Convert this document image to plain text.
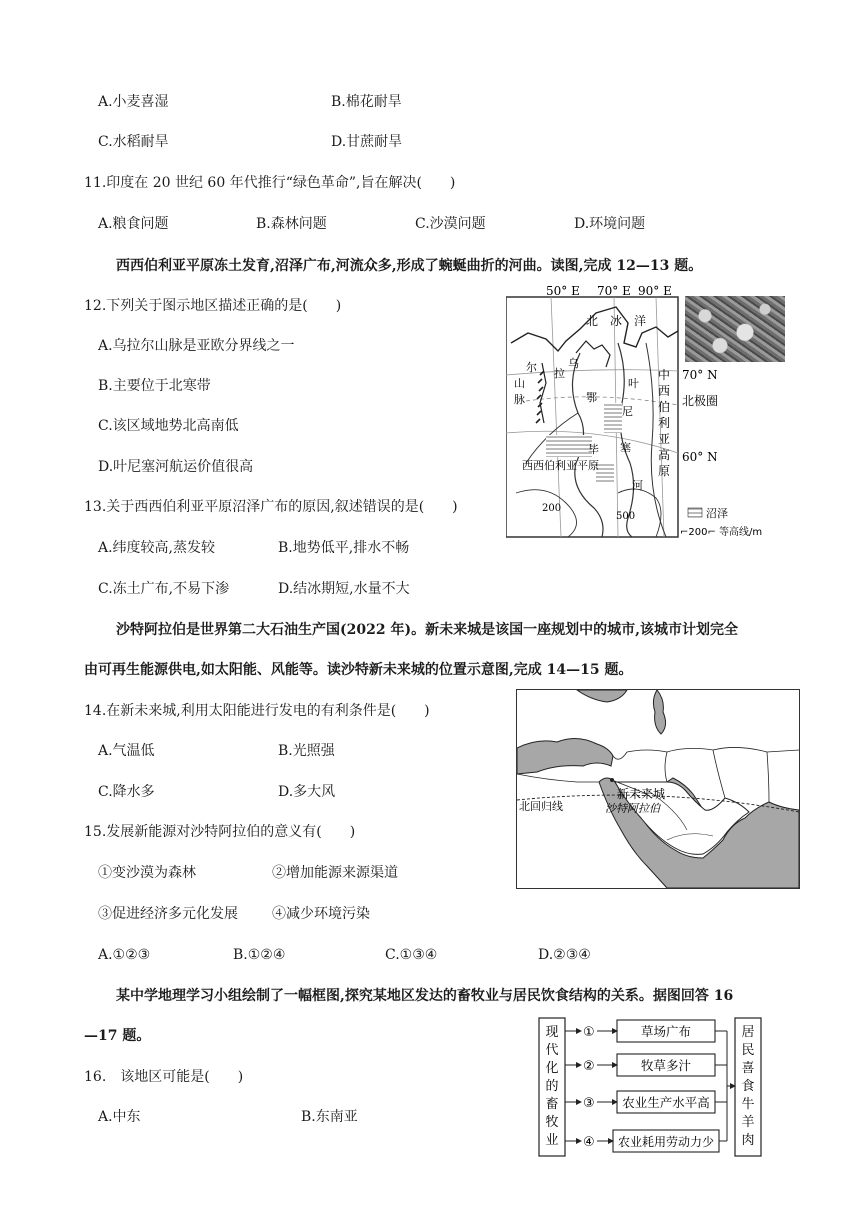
A.小麦喜湿	B.棉花耐旱
C.水稻耐旱	D.甘蔗耐旱
11.印度在 20 世纪 60 年代推行“绿色革命”,旨在解决(　　)
A.粮食问题	B.森林问题	C.沙漠问题	D.环境问题
西西伯利亚平原冻土发育,沼泽广布,河流众多,形成了蜿蜒曲折的河曲。读图,完成 12—13 题。
12.下列关于图示地区描述正确的是(　　)
A.乌拉尔山脉是亚欧分界线之一
B.主要位于北寒带
C.该区域地势北高南低
D.叶尼塞河航运价值很高
13.关于西西伯利亚平原沼泽广布的原因,叙述错误的是(　　)
A.纬度较高,蒸发较	B.地势低平,排水不畅
C.冻土广布,不易下渗	D.结冰期短,水量不大
50° E 70° E 90° E
北　冰　洋
乌
拉
尔
山
脉	鄂
毕
叶
尼
塞
中
西
伯
利
亚
高
原
70° N
北极圈
60° N
西西伯利亚平原
河
200
500	沼泽
⌐200⌐ 等高线/m
沙特阿拉伯是世界第二大石油生产国(2022 年)。新未来城是该国一座规划中的城市,该城市计划完全
由可再生能源供电,如太阳能、风能等。读沙特新未来城的位置示意图,完成 14—15 题。
14.在新未来城,利用太阳能进行发电的有利条件是(　　)
A.气温低	B.光照强
C.降水多	D.多大风
15.发展新能源对沙特阿拉伯的意义有(　　)
①变沙漠为森林	②增加能源来源渠道
③促进经济多元化发展 ④减少环境污染
A.①②③	B.①②④	C.①③④	D.②③④
新未来城
沙特阿拉伯
北回归线
某中学地理学习小组绘制了一幅框图,探究某地区发达的畜牧业与居民饮食结构的关系。据图回答 16
—17 题。
16.　该地区可能是(　　)
A.中东	B.东南亚
①
②
③
④
草场广布
牧草多汁
农业生产水平高
农业耗用劳动力少
现
代
化
的
畜
牧
业
居
民
喜
食
牛
羊
肉
